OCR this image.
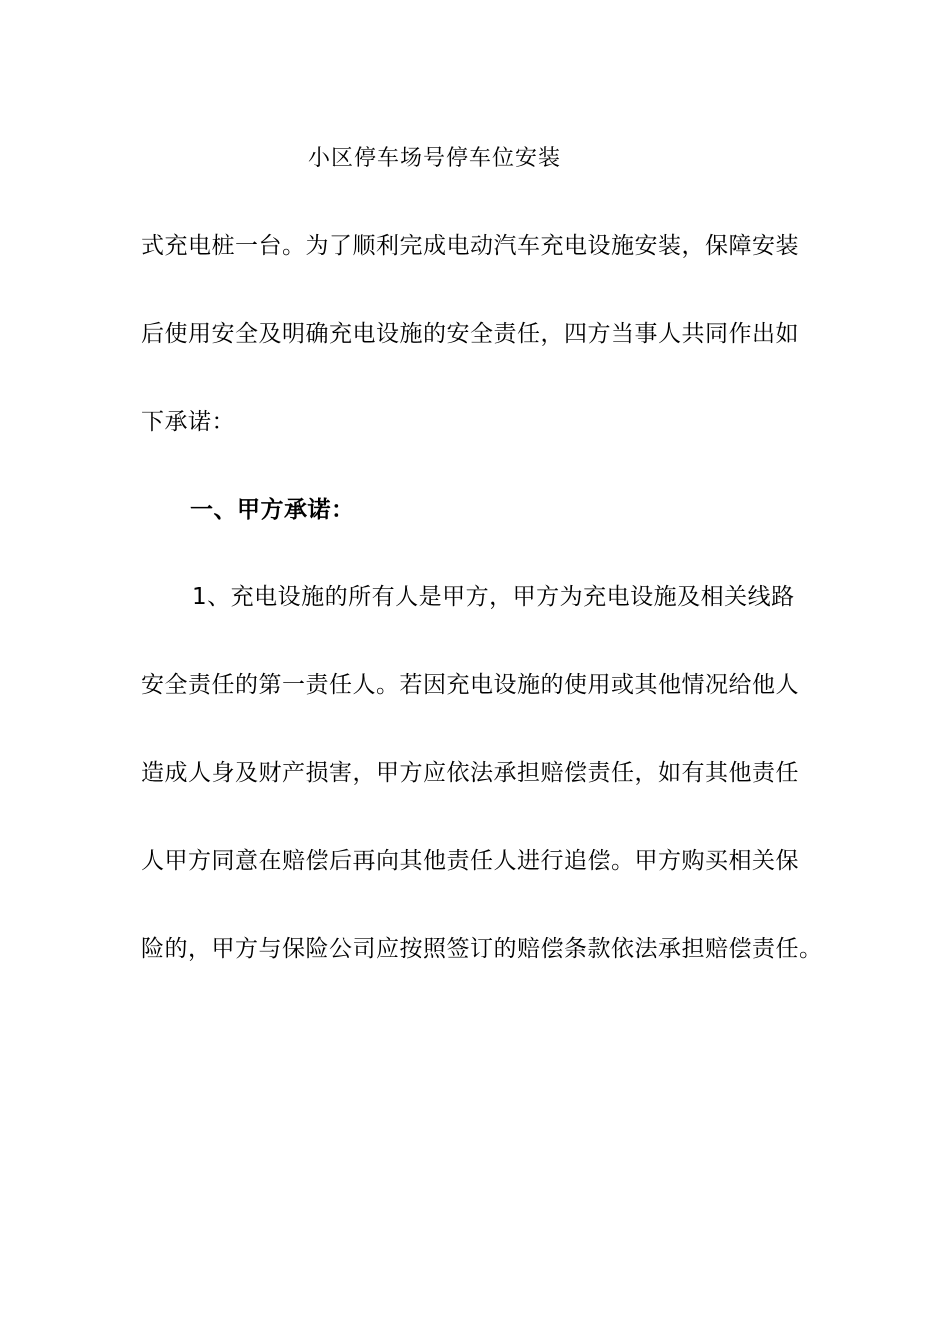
小区停车场号停车位安装
式充电桩一台。为了顺利完成电动汽车充电设施安装，保障安装
后使用安全及明确充电设施的安全责任，四方当事人共同作出如
下承诺：
一、甲方承诺：
1、充电设施的所有人是甲方，甲方为充电设施及相关线路
安全责任的第一责任人。若因充电设施的使用或其他情况给他人
造成人身及财产损害，甲方应依法承担赔偿责任，如有其他责任
人甲方同意在赔偿后再向其他责任人进行追偿。甲方购买相关保
险的，甲方与保险公司应按照签订的赔偿条款依法承担赔偿责任。
